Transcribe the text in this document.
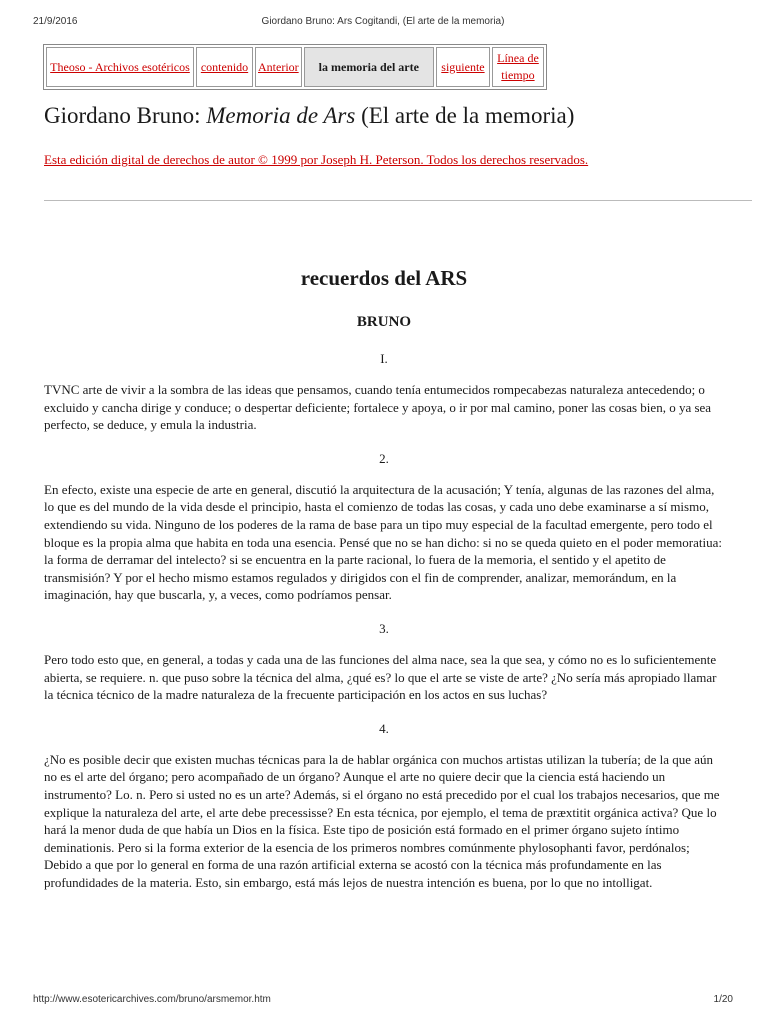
21/9/2016	Giordano Bruno: Ars Cogitandi, (El arte de la memoria)
Theoso - Archivos esotéricos	contenido	Anterior	la memoria del arte	siguiente	Línea de
tiempo
Giordano Bruno: Memoria de Ars (El arte de la memoria)
Esta edición digital de derechos de autor © 1999 por Joseph H. Peterson. Todos los derechos reservados.
recuerdos del ARS
BRUNO

I.

TVNC arte de vivir a la sombra de las ideas que pensamos, cuando tenía entumecidos rompecabezas naturaleza antecedendo; o excluido y cancha dirige y conduce; o despertar deficiente; fortalece y apoya, o ir por mal camino, poner las cosas bien, o ya sea perfecto, se deduce, y emula la industria.

2.

En efecto, existe una especie de arte en general, discutió la arquitectura de la acusación; Y tenía, algunas de las razones del alma, lo que es del mundo de la vida desde el principio, hasta el comienzo de todas las cosas, y cada uno debe examinarse a sí mismo, extendiendo su vida. Ninguno de los poderes de la rama de base para un tipo muy especial de la facultad emergente, pero todo el bloque es la propia alma que habita en toda una esencia. Pensé que no se han dicho: si no se queda quieto en el poder memoratiua: la forma de derramar del intelecto? si se encuentra en la parte racional, lo fuera de la memoria, el sentido y el apetito de transmisión? Y por el hecho mismo estamos regulados y dirigidos con el fin de comprender, analizar, memorándum, en la imaginación, hay que buscarla, y, a veces, como podríamos pensar.

3.

Pero todo esto que, en general, a todas y cada una de las funciones del alma nace, sea la que sea, y cómo no es lo suficientemente abierta, se requiere. n. que puso sobre la técnica del alma, ¿qué es? lo que el arte se viste de arte? ¿No sería más apropiado llamar la técnica técnico de la madre naturaleza de la frecuente participación en los actos en sus luchas?

4.

¿No es posible decir que existen muchas técnicas para la de hablar orgánica con muchos artistas utilizan la tubería; de la que aún no es el arte del órgano; pero acompañado de un órgano? Aunque el arte no quiere decir que la ciencia está haciendo un instrumento? Lo. n. Pero si usted no es un arte? Además, si el órgano no está precedido por el cual los trabajos necesarios, que me explique la naturaleza del arte, el arte debe precessisse? En esta técnica, por ejemplo, el tema de præxtitit orgánica activa? Que lo hará la menor duda de que había un Dios en la física. Este tipo de posición está formado en el primer órgano sujeto íntimo deminationis. Pero si la forma exterior de la esencia de los primeros nombres comúnmente phylosophanti favor, perdónalos; Debido a que por lo general en forma de una razón artificial externa se acostó con la técnica más profundamente en las profundidades de la materia. Esto, sin embargo, está más lejos de nuestra intención es buena, por lo que no intolligat.

http://www.esotericarchives.com/bruno/arsmemor.htm	1/20
